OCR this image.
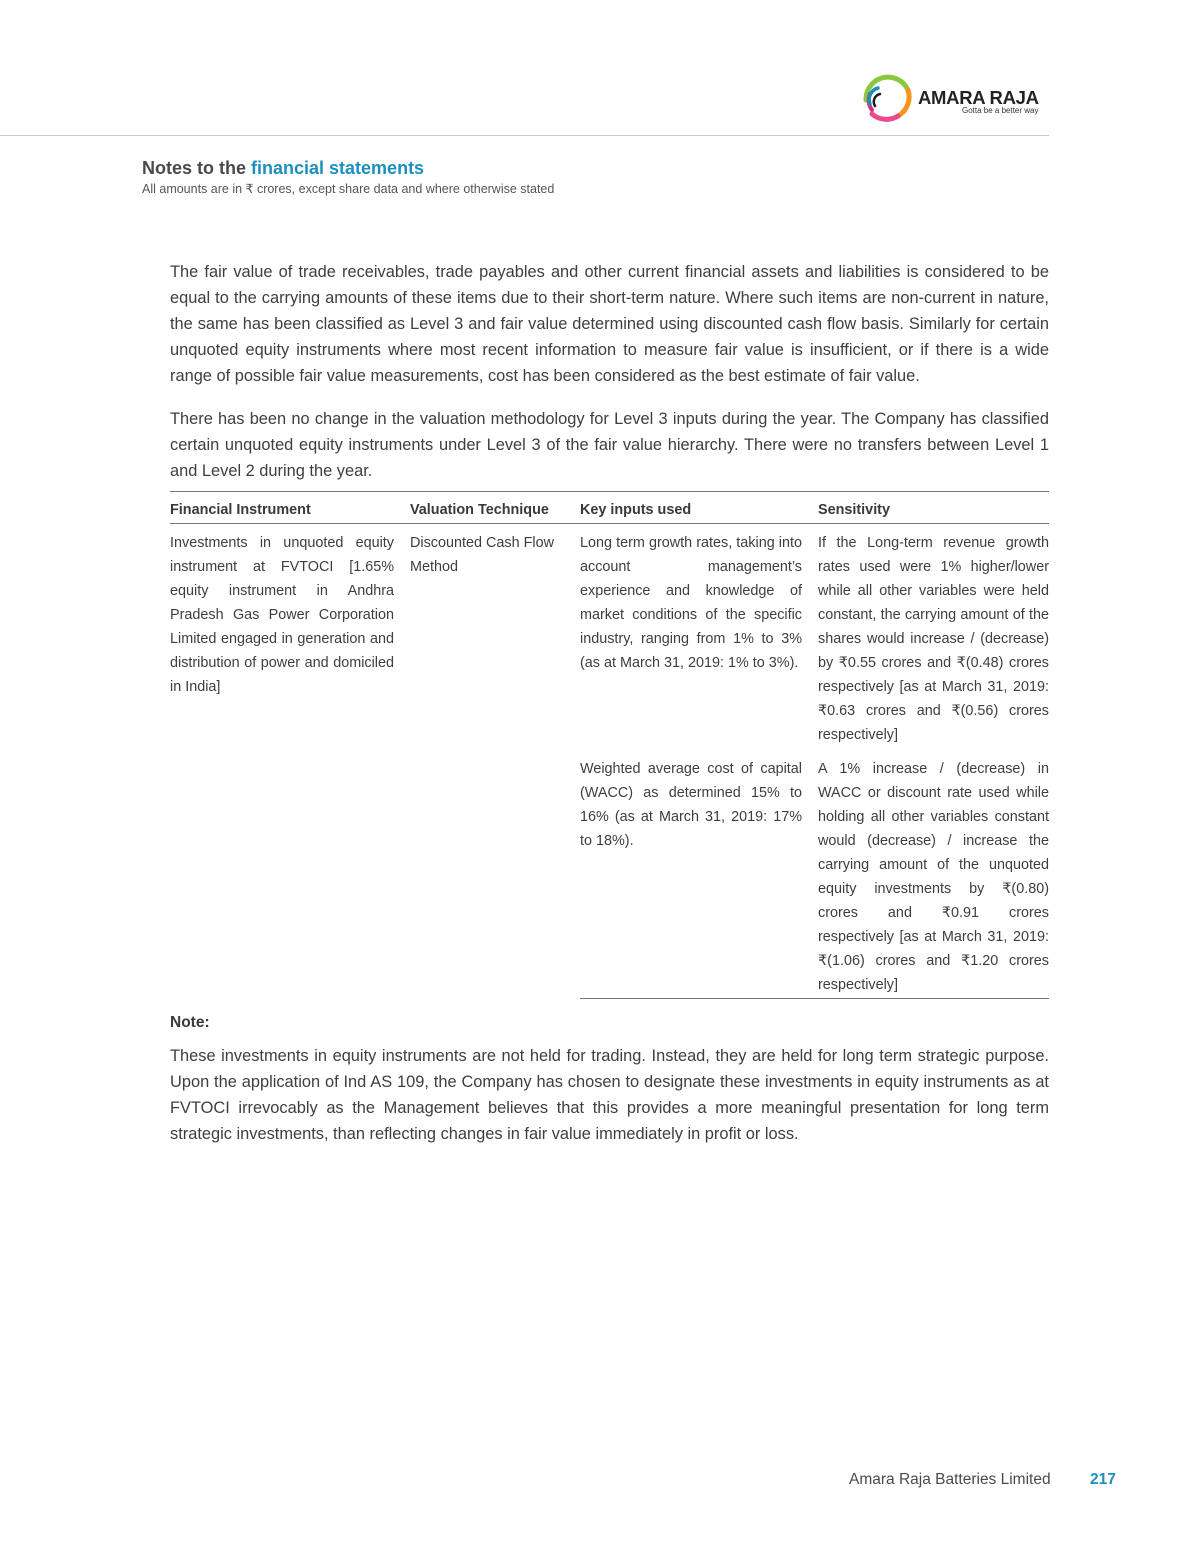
AMARA RAJA
Gotta be a better way
Notes to the financial statements
All amounts are in ₹ crores, except share data and where otherwise stated

The fair value of trade receivables, trade payables and other current financial assets and liabilities is considered to be equal to the carrying amounts of these items due to their short-term nature. Where such items are non-current in nature, the same has been classified as Level 3 and fair value determined using discounted cash flow basis. Similarly for certain unquoted equity instruments where most recent information to measure fair value is insufficient, or if there is a wide range of possible fair value measurements, cost has been considered as the best estimate of fair value.

There has been no change in the valuation methodology for Level 3 inputs during the year. The Company has classified certain unquoted equity instruments under Level 3 of the fair value hierarchy. There were no transfers between Level 1 and Level 2 during the year.

Financial Instrument	Valuation Technique	Key inputs used	Sensitivity
Investments in unquoted equity instrument at FVTOCI [1.65% equity instrument in Andhra Pradesh Gas Power Corporation Limited engaged in generation and distribution of power and domiciled in India]	Discounted Cash Flow Method	Long term growth rates, taking into account management’s experience and knowledge of market conditions of the specific industry, ranging from 1% to 3% (as at March 31, 2019: 1% to 3%).	If the Long-term revenue growth rates used were 1% higher/lower while all other variables were held constant, the carrying amount of the shares would increase / (decrease) by ₹0.55 crores and ₹(0.48) crores respectively [as at March 31, 2019: ₹0.63 crores and ₹(0.56) crores respectively]
		Weighted average cost of capital (WACC) as determined 15% to 16% (as at March 31, 2019: 17% to 18%).	A 1% increase / (decrease) in WACC or discount rate used while holding all other variables constant would (decrease) / increase the carrying amount of the unquoted equity investments by ₹(0.80) crores and ₹0.91 crores respectively [as at March 31, 2019: ₹(1.06) crores and ₹1.20 crores respectively]
Note:

These investments in equity instruments are not held for trading. Instead, they are held for long term strategic purpose. Upon the application of Ind AS 109, the Company has chosen to designate these investments in equity instruments as at FVTOCI irrevocably as the Management believes that this provides a more meaningful presentation for long term strategic investments, than reflecting changes in fair value immediately in profit or loss.

Amara Raja Batteries Limited	217
